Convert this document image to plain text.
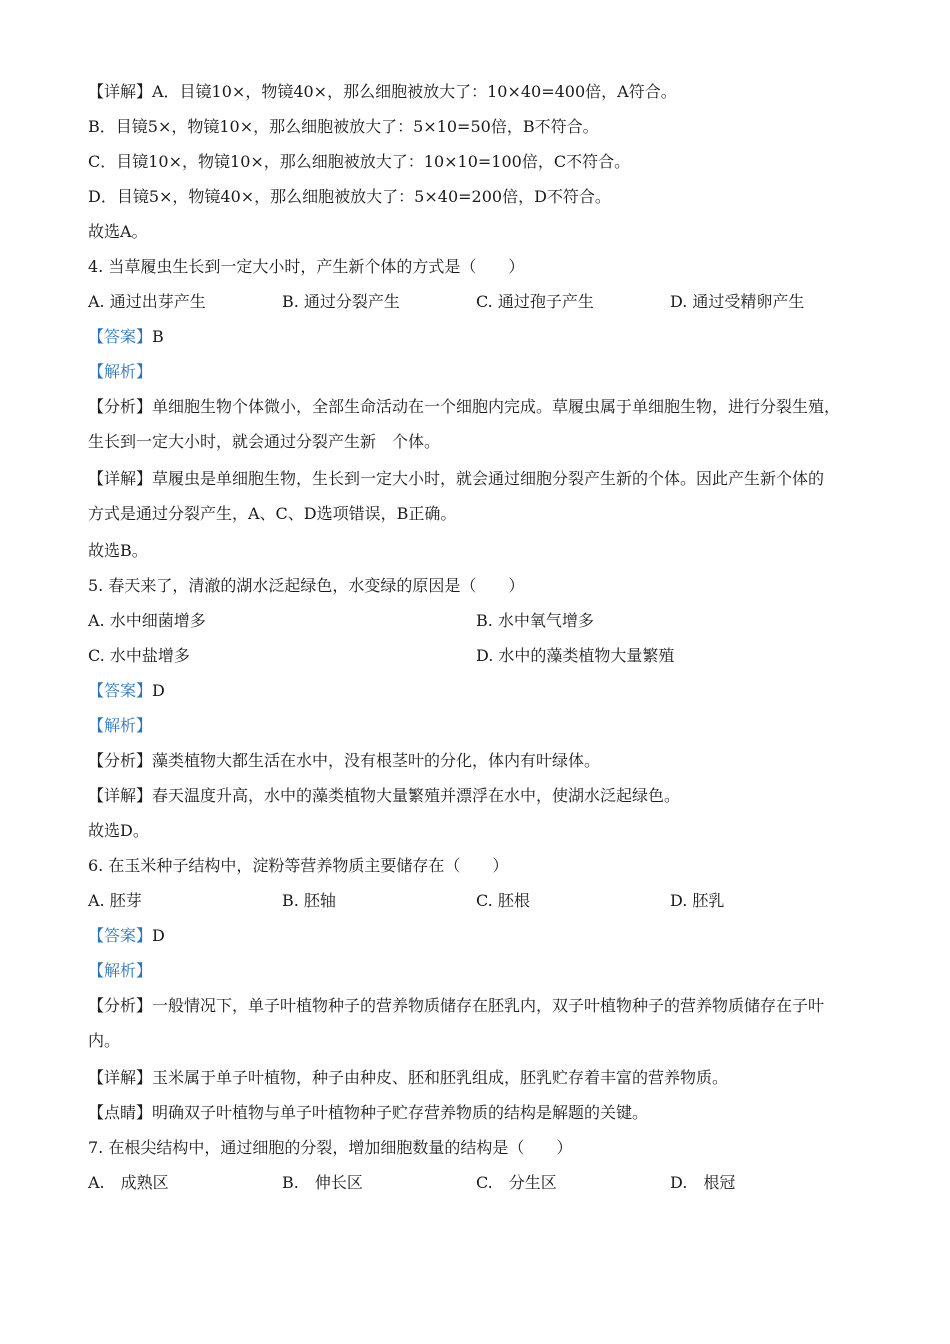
【详解】A．目镜10×，物镜40×，那么细胞被放大了：10×40=400倍，A符合。
B．目镜5×，物镜10×，那么细胞被放大了：5×10=50倍，B不符合。
C．目镜10×，物镜10×，那么细胞被放大了：10×10=100倍，C不符合。
D．目镜5×，物镜40×，那么细胞被放大了：5×40=200倍，D不符合。
故选A。
4. 当草履虫生长到一定大小时，产生新个体的方式是（　　）
A. 通过出芽产生	B. 通过分裂产生	C. 通过孢子产生	D. 通过受精卵产生
【答案】B
【解析】
【分析】单细胞生物个体微小，全部生命活动在一个细胞内完成。草履虫属于单细胞生物，进行分裂生殖，
生长到一定大小时，就会通过分裂产生新　个体。
【详解】草履虫是单细胞生物，生长到一定大小时，就会通过细胞分裂产生新的个体。因此产生新个体的
方式是通过分裂产生，A、C、D选项错误，B正确。
故选B。
5. 春天来了，清澈的湖水泛起绿色，水变绿的原因是（　　）
A. 水中细菌增多	B. 水中氧气增多
C. 水中盐增多	D. 水中的藻类植物大量繁殖
【答案】D
【解析】
【分析】藻类植物大都生活在水中，没有根茎叶的分化，体内有叶绿体。
【详解】春天温度升高，水中的藻类植物大量繁殖并漂浮在水中，使湖水泛起绿色。
故选D。
6. 在玉米种子结构中，淀粉等营养物质主要储存在（　　）
A. 胚芽	B. 胚轴	C. 胚根	D. 胚乳
【答案】D
【解析】
【分析】一般情况下，单子叶植物种子的营养物质储存在胚乳内，双子叶植物种子的营养物质储存在子叶
内。
【详解】玉米属于单子叶植物，种子由种皮、胚和胚乳组成，胚乳贮存着丰富的营养物质。
【点睛】明确双子叶植物与单子叶植物种子贮存营养物质的结构是解题的关键。
7. 在根尖结构中，通过细胞的分裂，增加细胞数量的结构是（　　）
A.　成熟区	B.　伸长区	C.　分生区	D.　根冠
